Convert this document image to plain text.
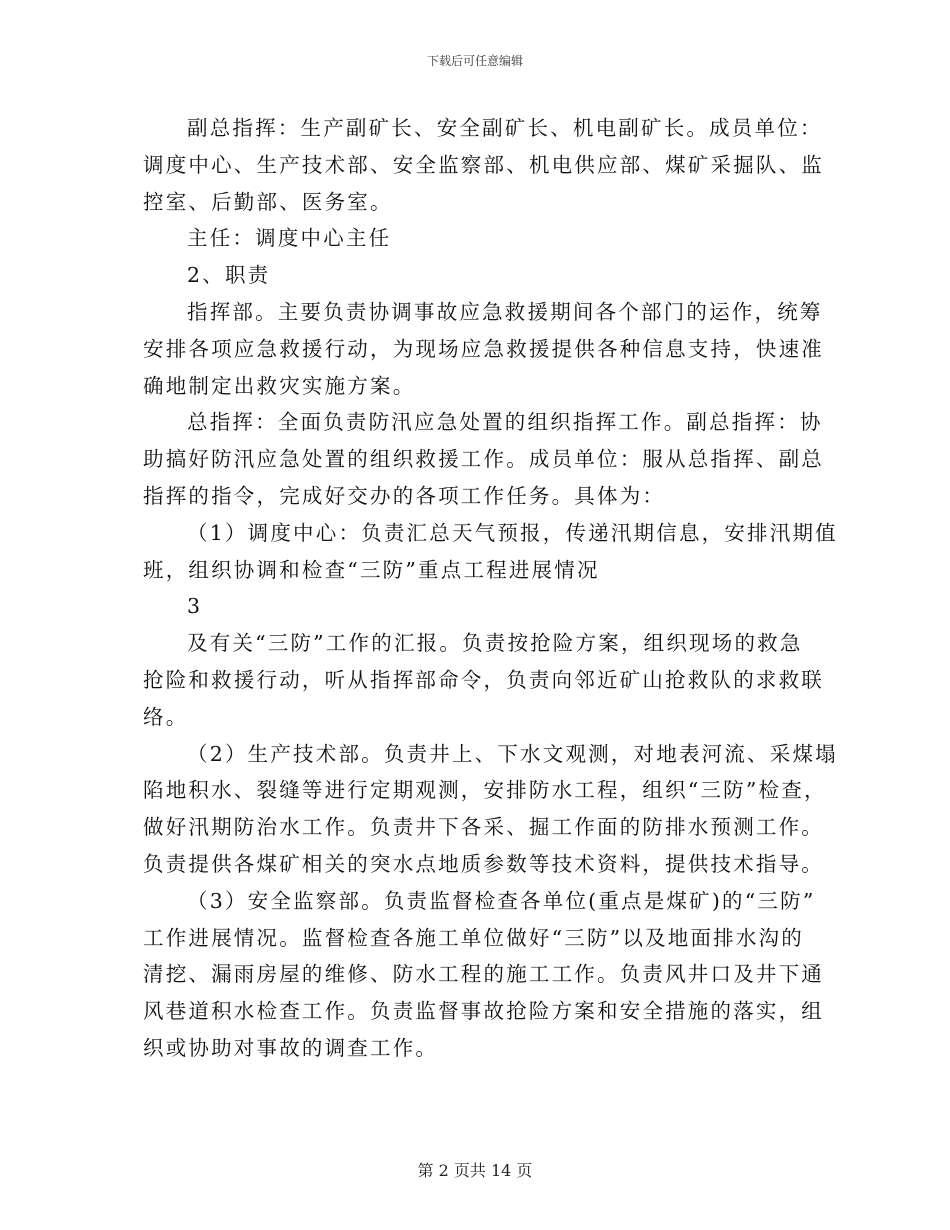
下载后可任意编辑
副总指挥：生产副矿长、安全副矿长、机电副矿长。成员单位：
调度中心、生产技术部、安全监察部、机电供应部、煤矿采掘队、监
控室、后勤部、医务室。
主任：调度中心主任
2、职责
指挥部。主要负责协调事故应急救援期间各个部门的运作，统筹
安排各项应急救援行动，为现场应急救援提供各种信息支持，快速准
确地制定出救灾实施方案。
总指挥：全面负责防汛应急处置的组织指挥工作。副总指挥：协
助搞好防汛应急处置的组织救援工作。成员单位：服从总指挥、副总
指挥的指令，完成好交办的各项工作任务。具体为：
（1）调度中心：负责汇总天气预报，传递汛期信息，安排汛期值
班，组织协调和检查“三防”重点工程进展情况
3
及有关“三防”工作的汇报。负责按抢险方案，组织现场的救急
抢险和救援行动，听从指挥部命令，负责向邻近矿山抢救队的求救联
络。
（2）生产技术部。负责井上、下水文观测，对地表河流、采煤塌
陷地积水、裂缝等进行定期观测，安排防水工程，组织“三防”检查，
做好汛期防治水工作。负责井下各采、掘工作面的防排水预测工作。
负责提供各煤矿相关的突水点地质参数等技术资料，提供技术指导。
（3）安全监察部。负责监督检查各单位(重点是煤矿)的“三防”
工作进展情况。监督检查各施工单位做好“三防”以及地面排水沟的
清挖、漏雨房屋的维修、防水工程的施工工作。负责风井口及井下通
风巷道积水检查工作。负责监督事故抢险方案和安全措施的落实，组
织或协助对事故的调查工作。
第 2 页共 14 页
